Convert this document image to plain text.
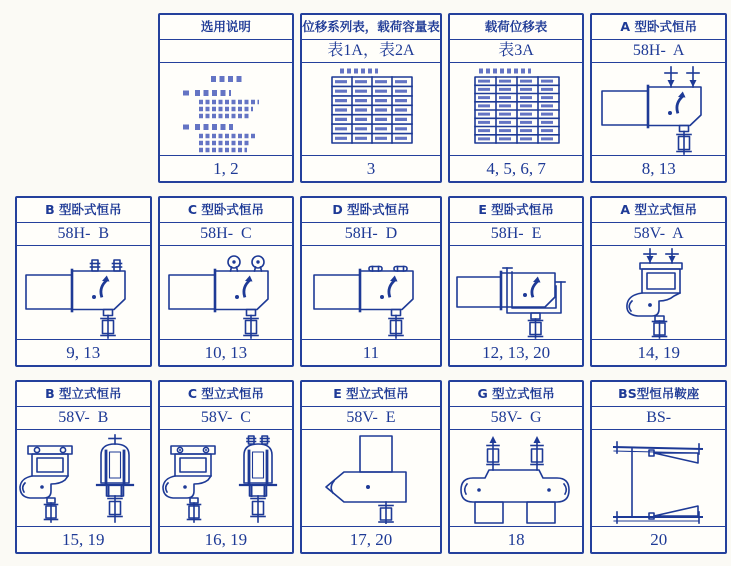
选用说明
1, 2
位移系列表，载荷容量表
表1A，表2A
3
载荷位移表
表3A
4, 5, 6, 7
A 型卧式恒吊
58H-  A
8, 13
B 型卧式恒吊
58H-  B
9, 13
C 型卧式恒吊
58H-  C
10, 13
D 型卧式恒吊
58H-  D
11
E 型卧式恒吊
58H-  E
12, 13, 20
A 型立式恒吊
58V-  A
14, 19
B 型立式恒吊
58V-  B
15, 19
C 型立式恒吊
58V-  C
16, 19
E 型立式恒吊
58V-  E
17, 20
G 型立式恒吊
58V-  G
18
BS型恒吊鞍座
BS-
20
